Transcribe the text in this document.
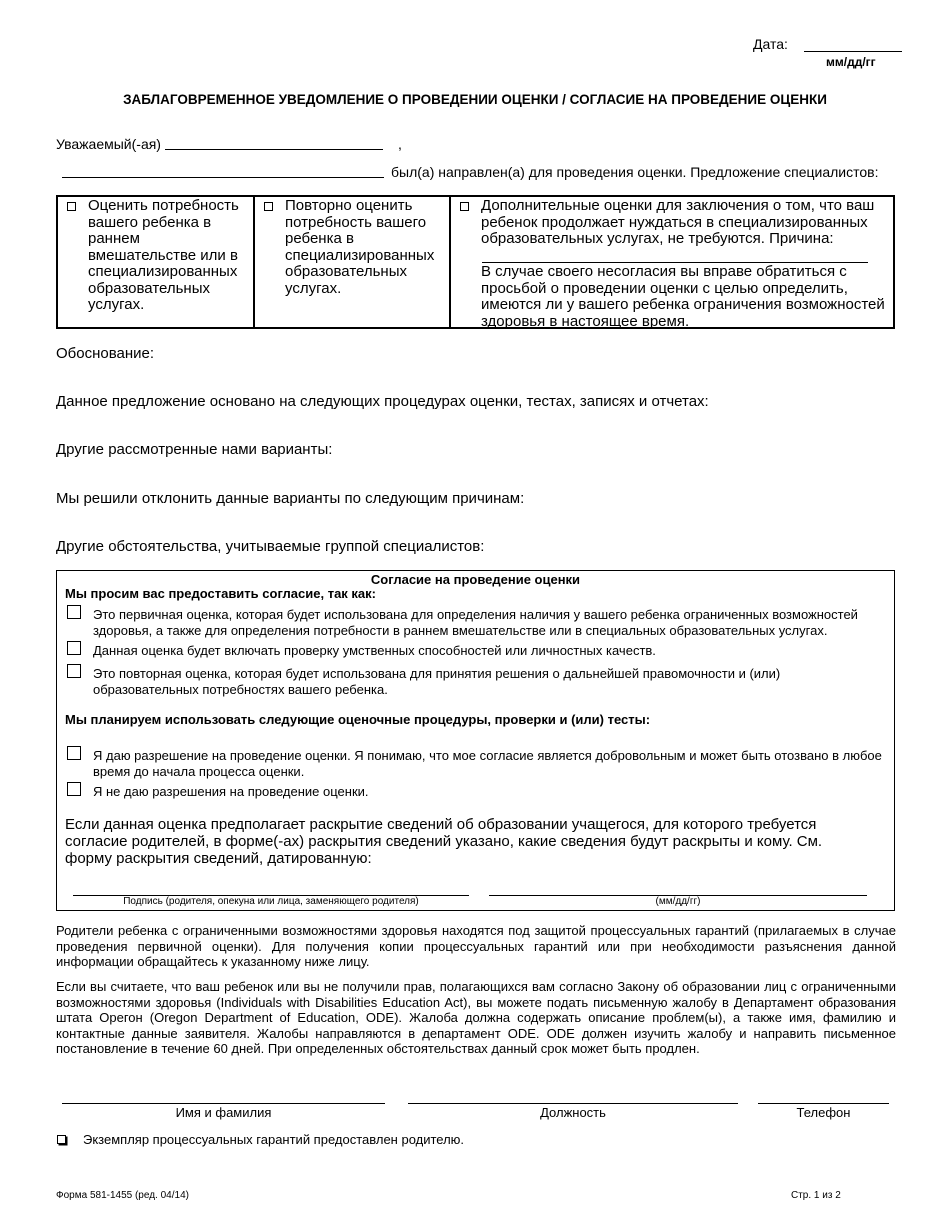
Дата:
мм/дд/гг
ЗАБЛАГОВРЕМЕННОЕ УВЕДОМЛЕНИЕ О ПРОВЕДЕНИИ ОЦЕНКИ / СОГЛАСИЕ НА ПРОВЕДЕНИЕ ОЦЕНКИ
Уважаемый(-ая)	,
был(а) направлен(а) для проведения оценки. Предложение специалистов:
Оценить потребность вашего ребенка в раннем вмешательстве или в специализированных образовательных услугах.
Повторно оценить потребность вашего ребенка в специализированных образовательных услугах.
Дополнительные оценки для заключения о том, что ваш ребенок продолжает нуждаться в специализированных образовательных услугах, не требуются. Причина:
В случае своего несогласия вы вправе обратиться с просьбой о проведении оценки с целью определить, имеются ли у вашего ребенка ограничения возможностей здоровья в настоящее время.
Обоснование:
Данное предложение основано на следующих процедурах оценки, тестах, записях и отчетах:
Другие рассмотренные нами варианты:
Мы решили отклонить данные варианты по следующим причинам:
Другие обстоятельства, учитываемые группой специалистов:
Согласие на проведение оценки
Мы просим вас предоставить согласие, так как:
Это первичная оценка, которая будет использована для определения наличия у вашего ребенка ограниченных возможностей здоровья, а также для определения потребности в раннем вмешательстве или в специальных образовательных услугах.
Данная оценка будет включать проверку умственных способностей или личностных качеств.
Это повторная оценка, которая будет использована для принятия решения о дальнейшей правомочности и (или) образовательных потребностях вашего ребенка.
Мы планируем использовать следующие оценочные процедуры, проверки и (или) тесты:
Я даю разрешение на проведение оценки. Я понимаю, что мое согласие является добровольным и может быть отозвано в любое время до начала процесса оценки.
Я не даю разрешения на проведение оценки.
Если данная оценка предполагает раскрытие сведений об образовании учащегося, для которого требуется согласие родителей, в форме(-ах) раскрытия сведений указано, какие сведения будут раскрыты и кому. См. форму раскрытия сведений, датированную:
Подпись (родителя, опекуна или лица, заменяющего родителя)	(мм/дд/гг)
Родители ребенка с ограниченными возможностями здоровья находятся под защитой процессуальных гарантий (прилагаемых в случае проведения первичной оценки). Для получения копии процессуальных гарантий или при необходимости разъяснения данной информации обращайтесь к указанному ниже лицу.
Если вы считаете, что ваш ребенок или вы не получили прав, полагающихся вам согласно Закону об образовании лиц с ограниченными возможностями здоровья (Individuals with Disabilities Education Act), вы можете подать письменную жалобу в Департамент образования штата Орегон (Oregon Department of Education, ODE). Жалоба должна содержать описание проблем(ы), а также имя, фамилию и контактные данные заявителя. Жалобы направляются в департамент ODE. ODE должен изучить жалобу и направить письменное постановление в течение 60 дней. При определенных обстоятельствах данный срок может быть продлен.
Имя и фамилия	Должность	Телефон
Экземпляр процессуальных гарантий предоставлен родителю.
Форма 581-1455 (ред. 04/14)	Стр. 1 из 2
